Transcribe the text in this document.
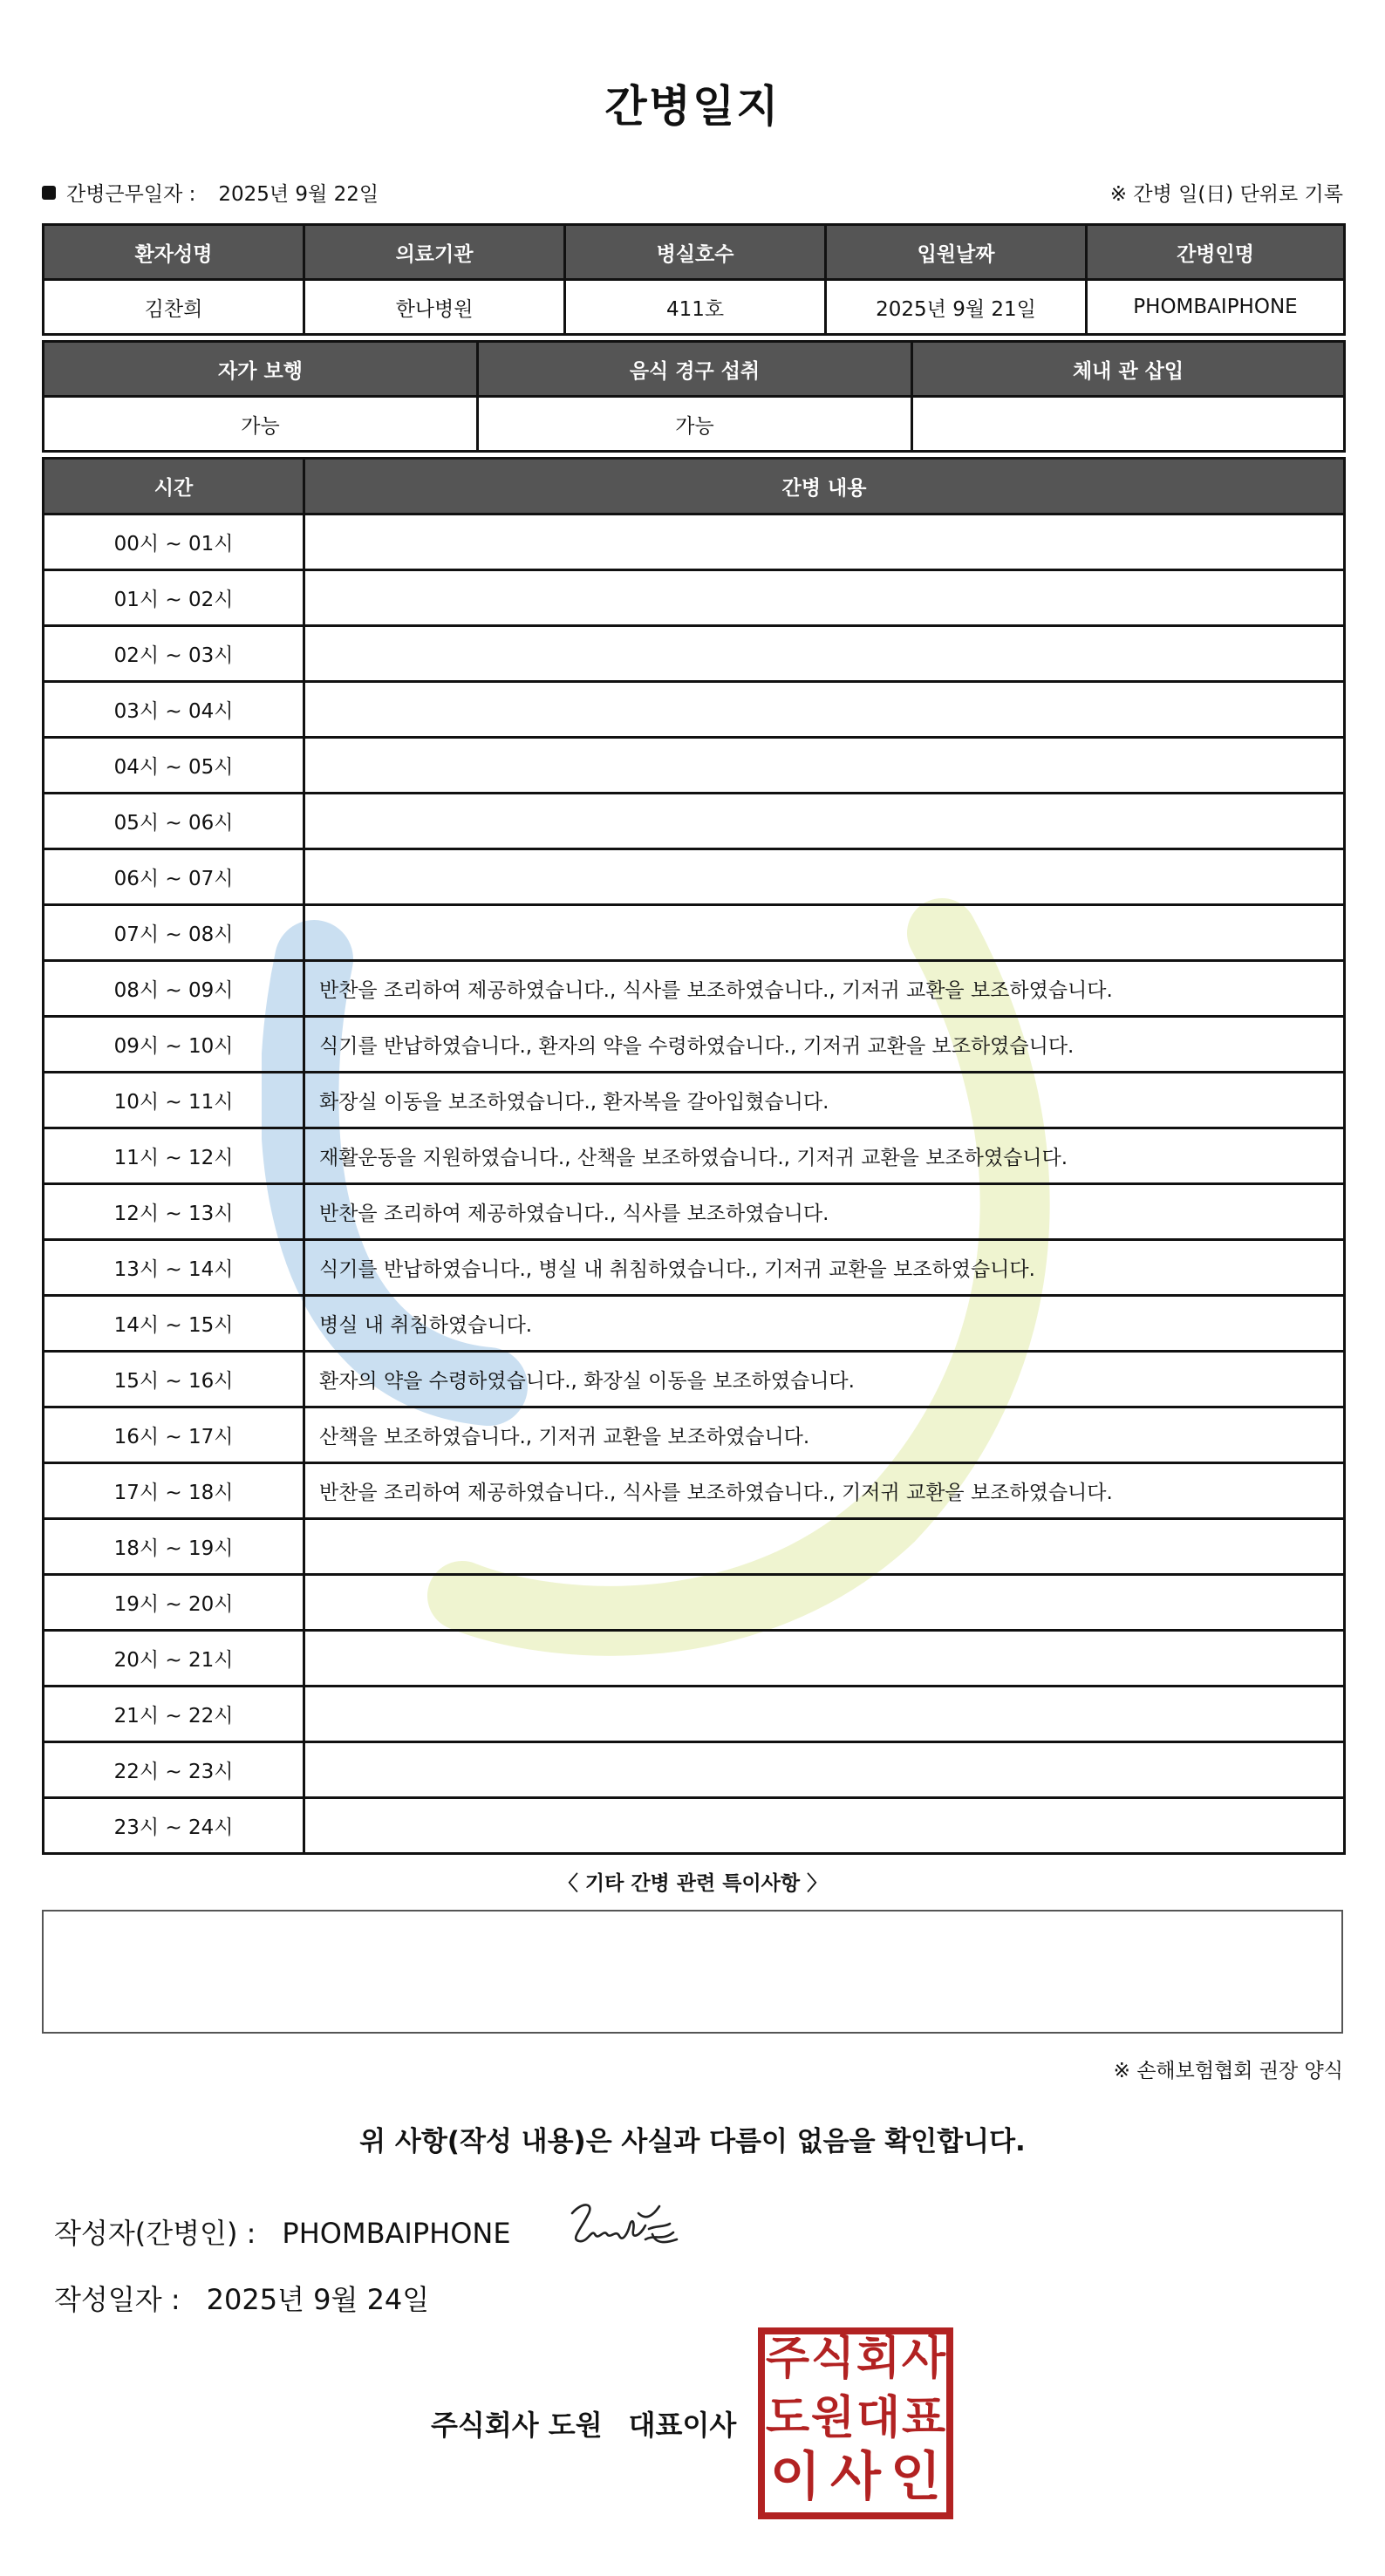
간병일지
간병근무일자 : 2025년 9월 22일	※ 간병 일(日) 단위로 기록
환자성명	의료기관	병실호수	입원날짜	간병인명
김찬희	한나병원	411호	2025년 9월 21일	PHOMBAIPHONE
자가 보행	음식 경구 섭취	체내 관 삽입
가능	가능	
시간	간병 내용
00시 ~ 01시	
01시 ~ 02시	
02시 ~ 03시	
03시 ~ 04시	
04시 ~ 05시	
05시 ~ 06시	
06시 ~ 07시	
07시 ~ 08시	
08시 ~ 09시	반찬을 조리하여 제공하였습니다., 식사를 보조하였습니다., 기저귀 교환을 보조하였습니다.
09시 ~ 10시	식기를 반납하였습니다., 환자의 약을 수령하였습니다., 기저귀 교환을 보조하였습니다.
10시 ~ 11시	화장실 이동을 보조하였습니다., 환자복을 갈아입혔습니다.
11시 ~ 12시	재활운동을 지원하였습니다., 산책을 보조하였습니다., 기저귀 교환을 보조하였습니다.
12시 ~ 13시	반찬을 조리하여 제공하였습니다., 식사를 보조하였습니다.
13시 ~ 14시	식기를 반납하였습니다., 병실 내 취침하였습니다., 기저귀 교환을 보조하였습니다.
14시 ~ 15시	병실 내 취침하였습니다.
15시 ~ 16시	환자의 약을 수령하였습니다., 화장실 이동을 보조하였습니다.
16시 ~ 17시	산책을 보조하였습니다., 기저귀 교환을 보조하였습니다.
17시 ~ 18시	반찬을 조리하여 제공하였습니다., 식사를 보조하였습니다., 기저귀 교환을 보조하였습니다.
18시 ~ 19시	
19시 ~ 20시	
20시 ~ 21시	
21시 ~ 22시	
22시 ~ 23시	
23시 ~ 24시	
〈 기타 간병 관련 특이사항 〉
※ 손해보험협회 권장 양식
위 사항(작성 내용)은 사실과 다름이 없음을 확인합니다.
작성자(간병인) : PHOMBAIPHONE
작성일자 : 2025년 9월 24일
주식회사 도원 대표이사
주 식 회 사
도 원 대 표
이 사 인
